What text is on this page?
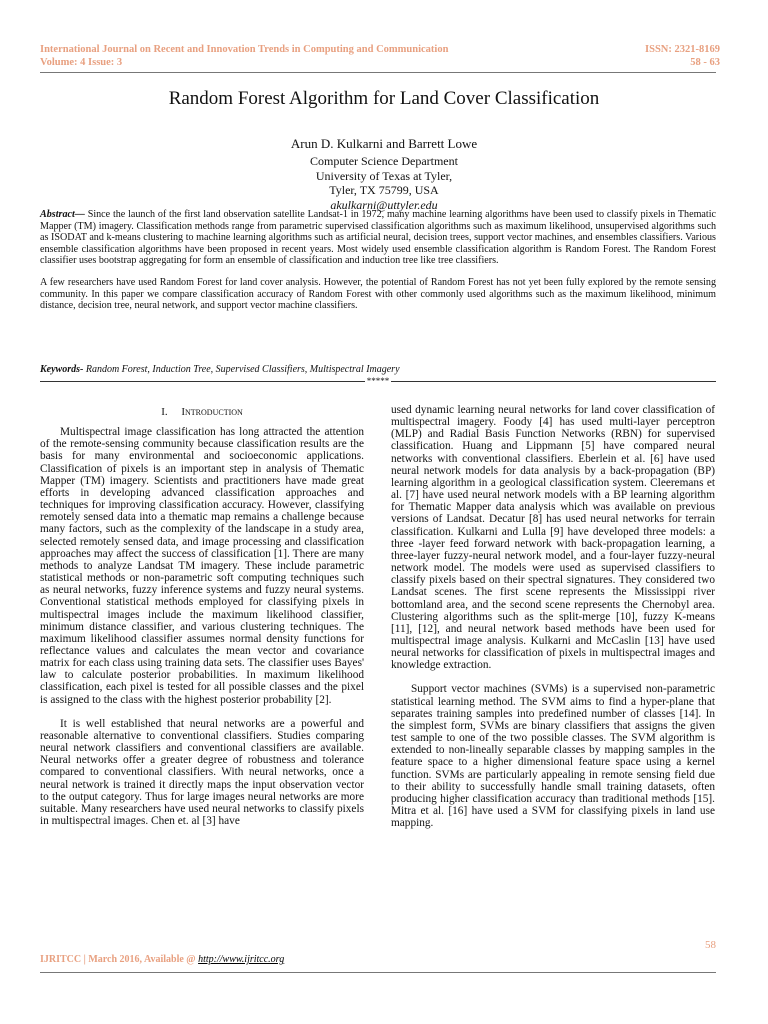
International Journal on Recent and Innovation Trends in Computing and Communication
Volume: 4 Issue: 3
ISSN: 2321-8169
58 - 63
Random Forest Algorithm for Land Cover Classification
Arun D. Kulkarni and Barrett Lowe
Computer Science Department
University of Texas at Tyler,
Tyler, TX 75799, USA
akulkarni@uttyler.edu

Abstract— Since the launch of the first land observation satellite Landsat-1 in 1972, many machine learning algorithms have been used to classify pixels in Thematic Mapper (TM) imagery. Classification methods range from parametric supervised classification algorithms such as maximum likelihood, unsupervised algorithms such as ISODAT and k-means clustering to machine learning algorithms such as artificial neural, decision trees, support vector machines, and ensembles classifiers. Various ensemble classification algorithms have been proposed in recent years. Most widely used ensemble classification algorithm is Random Forest. The Random Forest classifier uses bootstrap aggregating for form an ensemble of classification and induction tree like tree classifiers.

A few researchers have used Random Forest for land cover analysis. However, the potential of Random Forest has not yet been fully explored by the remote sensing community. In this paper we compare classification accuracy of Random Forest with other commonly used algorithms such as the maximum likelihood, minimum distance, decision tree, neural network, and support vector machine classifiers.

Keywords- Random Forest, Induction Tree, Supervised Classifiers, Multispectral Imagery
*****
I. Introduction

Multispectral image classification has long attracted the attention of the remote-sensing community because classification results are the basis for many environmental and socioeconomic applications. Classification of pixels is an important step in analysis of Thematic Mapper (TM) imagery. Scientists and practitioners have made great efforts in developing advanced classification approaches and techniques for improving classification accuracy. However, classifying remotely sensed data into a thematic map remains a challenge because many factors, such as the complexity of the landscape in a study area, selected remotely sensed data, and image processing and classification approaches may affect the success of classification [1]. There are many methods to analyze Landsat TM imagery. These include parametric statistical methods or non-parametric soft computing techniques such as neural networks, fuzzy inference systems and fuzzy neural systems. Conventional statistical methods employed for classifying pixels in multispectral images include the maximum likelihood classifier, minimum distance classifier, and various clustering techniques. The maximum likelihood classifier assumes normal density functions for reflectance values and calculates the mean vector and covariance matrix for each class using training data sets. The classifier uses Bayes' law to calculate posterior probabilities. In maximum likelihood classification, each pixel is tested for all possible classes and the pixel is assigned to the class with the highest posterior probability [2].

It is well established that neural networks are a powerful and reasonable alternative to conventional classifiers. Studies comparing neural network classifiers and conventional classifiers are available. Neural networks offer a greater degree of robustness and tolerance compared to conventional classifiers. With neural networks, once a neural network is trained it directly maps the input observation vector to the output category. Thus for large images neural networks are more suitable. Many researchers have used neural networks to classify pixels in multispectral images. Chen et. al [3] have

used dynamic learning neural networks for land cover classification of multispectral imagery. Foody [4] has used multi-layer perceptron (MLP) and Radial Basis Function Networks (RBN) for supervised classification. Huang and Lippmann [5] have compared neural networks with conventional classifiers. Eberlein et al. [6] have used neural network models for data analysis by a back-propagation (BP) learning algorithm in a geological classification system. Cleeremans et al. [7] have used neural network models with a BP learning algorithm for Thematic Mapper data analysis which was available on previous versions of Landsat. Decatur [8] has used neural networks for terrain classification. Kulkarni and Lulla [9] have developed three models: a three -layer feed forward network with back-propagation learning, a three-layer fuzzy-neural network model, and a four-layer fuzzy-neural network model. The models were used as supervised classifiers to classify pixels based on their spectral signatures. They considered two Landsat scenes. The first scene represents the Mississippi river bottomland area, and the second scene represents the Chernobyl area. Clustering algorithms such as the split-merge [10], fuzzy K-means [11], [12], and neural network based methods have been used for multispectral image analysis. Kulkarni and McCaslin [13] have used neural networks for classification of pixels in multispectral images and knowledge extraction.

Support vector machines (SVMs) is a supervised non-parametric statistical learning method. The SVM aims to find a hyper-plane that separates training samples into predefined number of classes [14]. In the simplest form, SVMs are binary classifiers that assigns the given test sample to one of the two possible classes. The SVM algorithm is extended to non-lineally separable classes by mapping samples in the feature space to a higher dimensional feature space using a kernel function. SVMs are particularly appealing in remote sensing field due to their ability to successfully handle small training datasets, often producing higher classification accuracy than traditional methods [15]. Mitra et al. [16] have used a SVM for classifying pixels in land use mapping.

58
IJRITCC | March 2016, Available @ http://www.ijritcc.org
